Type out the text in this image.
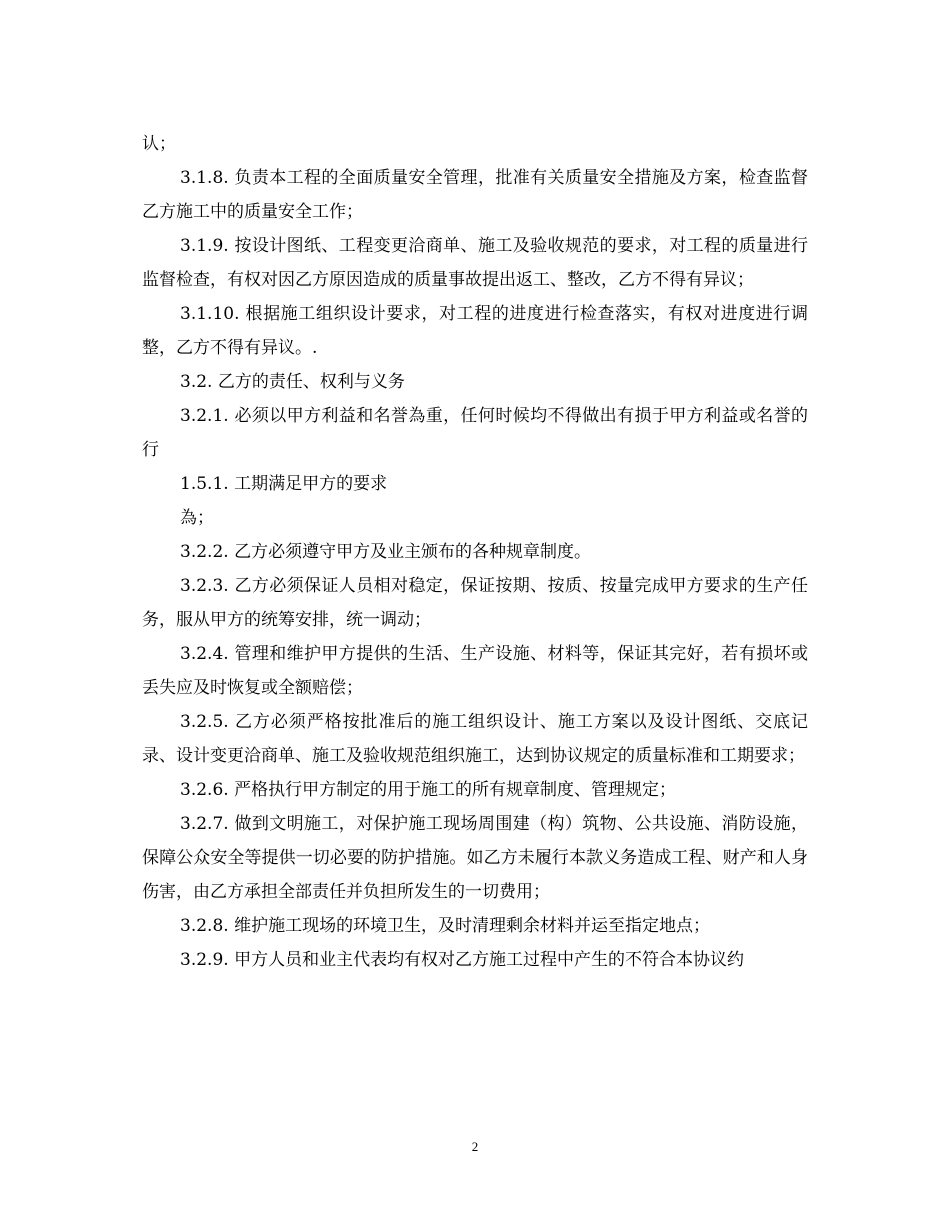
认；

3.1.8. 负责本工程的全面质量安全管理，批准有关质量安全措施及方案，检查监督乙方施工中的质量安全工作；

3.1.9. 按设计图纸、工程变更洽商单、施工及验收规范的要求，对工程的质量进行监督检查，有权对因乙方原因造成的质量事故提出返工、整改，乙方不得有异议；

3.1.10. 根据施工组织设计要求，对工程的进度进行检查落实，有权对进度进行调整，乙方不得有异议。.

3.2. 乙方的责任、权利与义务

3.2.1. 必须以甲方利益和名誉為重，任何时候均不得做出有损于甲方利益或名誉的行

1.5.1. 工期满足甲方的要求

為；

3.2.2. 乙方必须遵守甲方及业主颁布的各种规章制度。

3.2.3. 乙方必须保证人员相对稳定，保证按期、按质、按量完成甲方要求的生产任务，服从甲方的统筹安排，统一调动；

3.2.4. 管理和维护甲方提供的生活、生产设施、材料等，保证其完好，若有损坏或丢失应及时恢复或全额赔偿；

3.2.5. 乙方必须严格按批准后的施工组织设计、施工方案以及设计图纸、交底记录、设计变更洽商单、施工及验收规范组织施工，达到协议规定的质量标准和工期要求；

3.2.6. 严格执行甲方制定的用于施工的所有规章制度、管理规定；

3.2.7. 做到文明施工，对保护施工现场周围建（构）筑物、公共设施、消防设施，保障公众安全等提供一切必要的防护措施。如乙方未履行本款义务造成工程、财产和人身伤害，由乙方承担全部责任并负担所发生的一切费用；

3.2.8. 维护施工现场的环境卫生，及时清理剩余材料并运至指定地点；

3.2.9. 甲方人员和业主代表均有权对乙方施工过程中产生的不符合本协议约

2
